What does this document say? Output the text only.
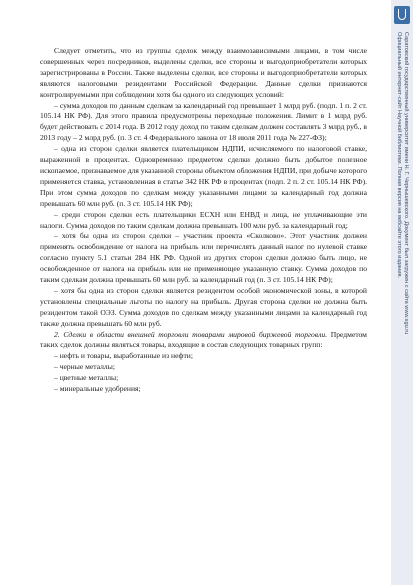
Следует отметить, что из группы сделок между взаимозависимыми лицами, в том числе совершенных через посредников, выделены сделки, все стороны и выгодоприобретатели которых зарегистрированы в России. Также выделены сделки, все стороны и выгодоприобретатели которых являются налоговыми резидентами Российской Федерации. Данные сделки признаются контролируемыми при соблюдении хотя бы одного из следующих условий:

– сумма доходов по данным сделкам за календарный год превышает 1 млрд руб. (подп. 1 п. 2 ст. 105.14 НК РФ). Для этого правила предусмотрены переходные положения. Лимит в 1 млрд руб. будет действовать с 2014 года. В 2012 году доход по таким сделкам должен составлять 3 млрд руб., в 2013 году – 2 млрд руб. (п. 3 ст. 4 Федерального закона от 18 июля 2011 года № 227-ФЗ);

– одна из сторон сделки является плательщиком НДПИ, исчисляемого по налоговой ставке, выраженной в процентах. Одновременно предметом сделки должно быть добытое полезное ископаемое, признаваемое для указанной стороны объектом обложения НДПИ, при добыче которого применяется ставка, установленная в статье 342 НК РФ в процентах (подп. 2 п. 2 ст. 105.14 НК РФ). При этом сумма доходов по сделкам между указанными лицами за календарный год должна превышать 60 млн руб. (п. 3 ст. 105.14 НК РФ);

– среди сторон сделки есть плательщики ЕСХН или ЕНВД и лица, не уплачивающие эти налоги. Сумма доходов по таким сделкам должна превышать 100 млн руб. за календарный год;

– хотя бы одна из сторон сделки – участник проекта «Сколково». Этот участник должен применять освобождение от налога на прибыль или перечислять данный налог по нулевой ставке согласно пункту 5.1 статьи 284 НК РФ. Одной из других сторон сделки должно быть лицо, не освобожденное от налога на прибыль или не применяющее указанную ставку. Сумма доходов по таким сделкам должна превышать 60 млн руб. за календарный год (п. 3 ст. 105.14 НК РФ);

– хотя бы одна из сторон сделки является резидентом особой экономической зоны, в которой установлены специальные льготы по налогу на прибыль. Другая сторона сделки не должна быть резидентом такой ОЭЗ. Сумма доходов по сделкам между указанными лицами за календарный год также должна превышать 60 млн руб.

2. Сделки в области внешней торговли товарами мировой биржевой торговли. Предметом таких сделок должны являться товары, входящие в состав следующих товарных групп:

– нефть и товары, выработанные из нефти;

– черные металлы;

– цветные металлы;

– минеральные удобрения;

Саратовский государственный университет имени Н. Г. Чернышевского. Документ был загружен с сайта www.sgu.ru
Официальный интернет-сайт Научной библиотеки. Полная версия на вебсайте этого издания.
